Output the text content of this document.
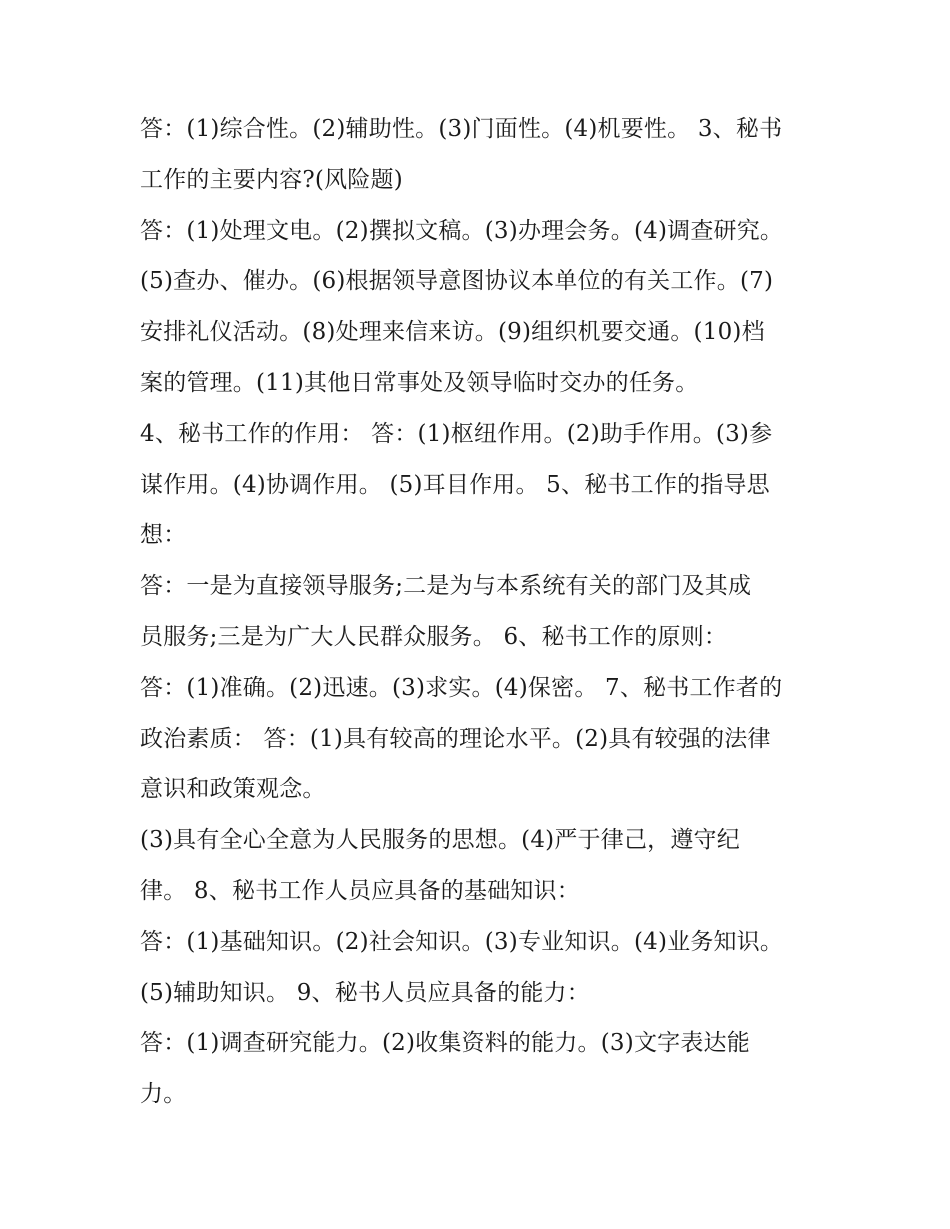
答：(1)综合性。(2)辅助性。(3)门面性。(4)机要性。 3、秘书
工作的主要内容?(风险题)
答：(1)处理文电。(2)撰拟文稿。(3)办理会务。(4)调查研究。
(5)查办、催办。(6)根据领导意图协议本单位的有关工作。(7)
安排礼仪活动。(8)处理来信来访。(9)组织机要交通。(10)档
案的管理。(11)其他日常事处及领导临时交办的任务。
4、秘书工作的作用： 答：(1)枢纽作用。(2)助手作用。(3)参
谋作用。(4)协调作用。 (5)耳目作用。 5、秘书工作的指导思
想：
答：一是为直接领导服务;二是为与本系统有关的部门及其成
员服务;三是为广大人民群众服务。 6、秘书工作的原则：
答：(1)准确。(2)迅速。(3)求实。(4)保密。 7、秘书工作者的
政治素质： 答：(1)具有较高的理论水平。(2)具有较强的法律
意识和政策观念。
(3)具有全心全意为人民服务的思想。(4)严于律己，遵守纪
律。 8、秘书工作人员应具备的基础知识：
答：(1)基础知识。(2)社会知识。(3)专业知识。(4)业务知识。
(5)辅助知识。 9、秘书人员应具备的能力：
答：(1)调查研究能力。(2)收集资料的能力。(3)文字表达能
力。
